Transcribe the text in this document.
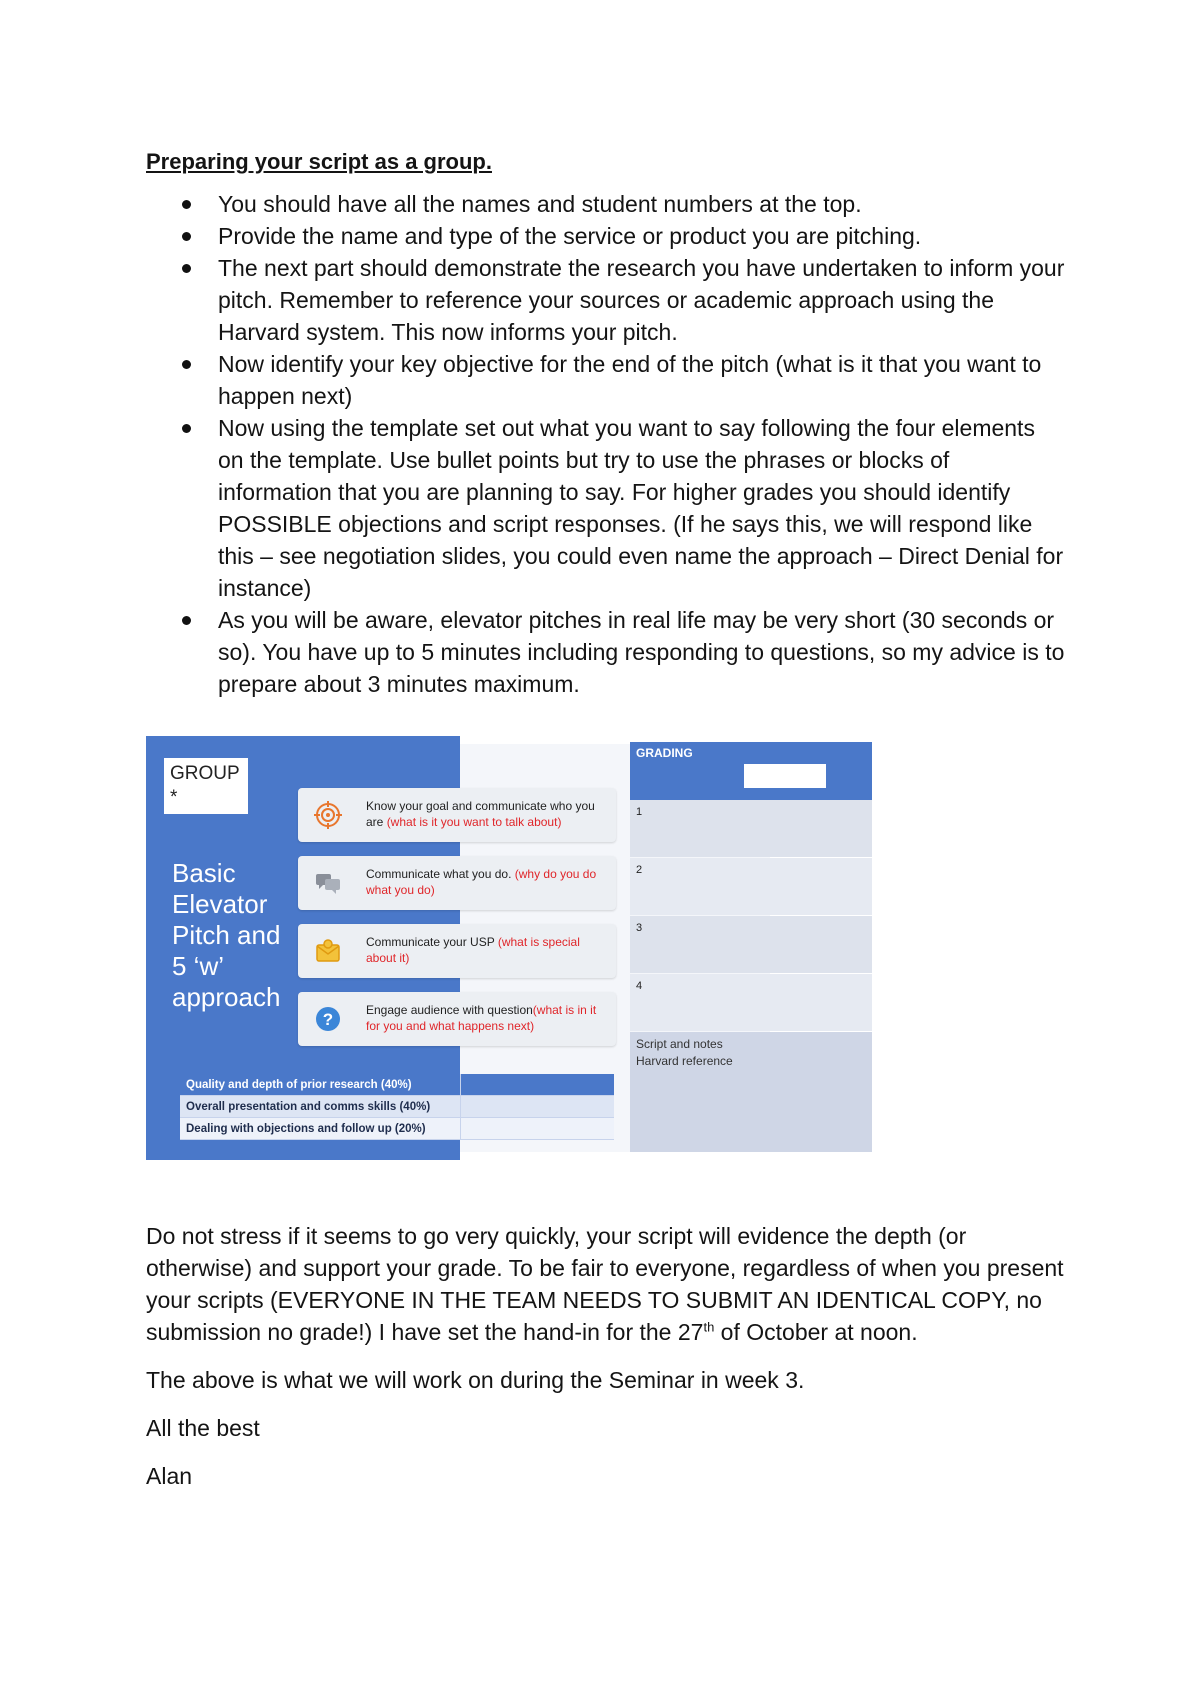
Preparing your script as a group.

You should have all the names and student numbers at the top.
Provide the name and type of the service or product you are pitching.
The next part should demonstrate the research you have undertaken to inform your pitch. Remember to reference your sources or academic approach using the Harvard system. This now informs your pitch.
Now identify your key objective for the end of the pitch (what is it that you want to happen next)
Now using the template set out what you want to say following the four elements on the template. Use bullet points but try to use the phrases or blocks of information that you are planning to say. For higher grades you should identify POSSIBLE objections and script responses. (If he says this, we will respond like this – see negotiation slides, you could even name the approach – Direct Denial for instance)
As you will be aware, elevator pitches in real life may be very short (30 seconds or so). You have up to 5 minutes including responding to questions, so my advice is to prepare about 3 minutes maximum.
GROUP
*
Basic Elevator Pitch and 5 ‘w’ approach
Know your goal and communicate who you are (what is it you want to talk about)
Communicate what you do. (why do you do what you do)
Communicate your USP (what is special about it)
?	Engage audience with question(what is in it for you and what happens next)
Quality and depth of prior research (40%)
Overall presentation and comms skills (40%)
Dealing with objections and follow up (20%)
GRADING
1
2
3
4
Script and notes
Harvard reference

Do not stress if it seems to go very quickly, your script will evidence the depth (or otherwise) and support your grade. To be fair to everyone, regardless of when you present your scripts (EVERYONE IN THE TEAM NEEDS TO SUBMIT AN IDENTICAL COPY, no submission no grade!) I have set the hand-in for the 27th of October at noon.

The above is what we will work on during the Seminar in week 3.

All the best

Alan
